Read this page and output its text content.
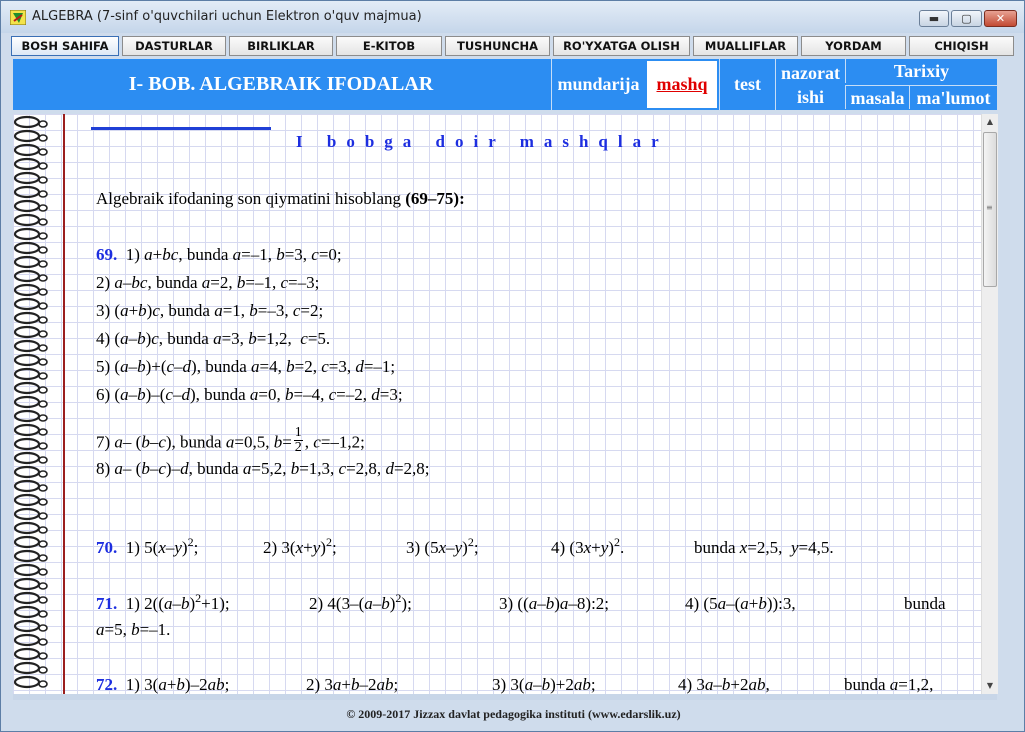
ALGEBRA (7-sinf o'quvchilari uchun Elektron o'quv majmua)	▬	▢	✕
BOSH SAHIFA	DASTURLAR	BIRLIKLAR	E-KITOB	TUSHUNCHA	RO'YXATGA OLISH	MUALLIFLAR	YORDAM	CHIQISH
I- BOB. ALGEBRAIK IFODALAR	mundarija mashq	test
nazorat
ishi
Tarixiy
masala ma'lumot
I bobga doir mashqlar
Algebraik ifodaning son qiymatini hisoblang (69–75):
69.  1) a+bc, bunda a=–1, b=3, c=0;
2) a–bc, bunda a=2, b=–1, c=–3;
3) (a+b)c, bunda a=1, b=–3, c=2;
4) (a–b)c, bunda a=3, b=1,2,  c=5.
5) (a–b)+(c–d), bunda a=4, b=2, c=3, d=–1;
6) (a–b)–(c–d), bunda a=0, b=–4, c=–2, d=3;
7) a– (b–c), bunda a=0,5, $b= \frac{1}{2}$ , c=–1,2;
8) a– (b–c)–d, bunda a=5,2, b=1,3, c=2,8, d=2,8;
70.  1) $5(x-y)^2$;	2) $3(x+y)^2$;	3) $(5x-y)^2$;	4) $(3x+y)^2$.	bunda x=2,5,  y=4,5.
71.  1) $2((a-b)^2+1)$;	2) $4(3-(a-b)^2)$;	3) ((a–b)a–8):2;	4) (5a–(a+b)):3,	bunda
a=5, b=–1.
72.  1) 3(a+b)–2ab;	2) 3a+b–2ab;	3) 3(a–b)+2ab;	4) 3a–b+2ab,	bunda a=1,2,
▲
≡
▼
© 2009-2017 Jizzax davlat pedagogika instituti (www.edarslik.uz)
